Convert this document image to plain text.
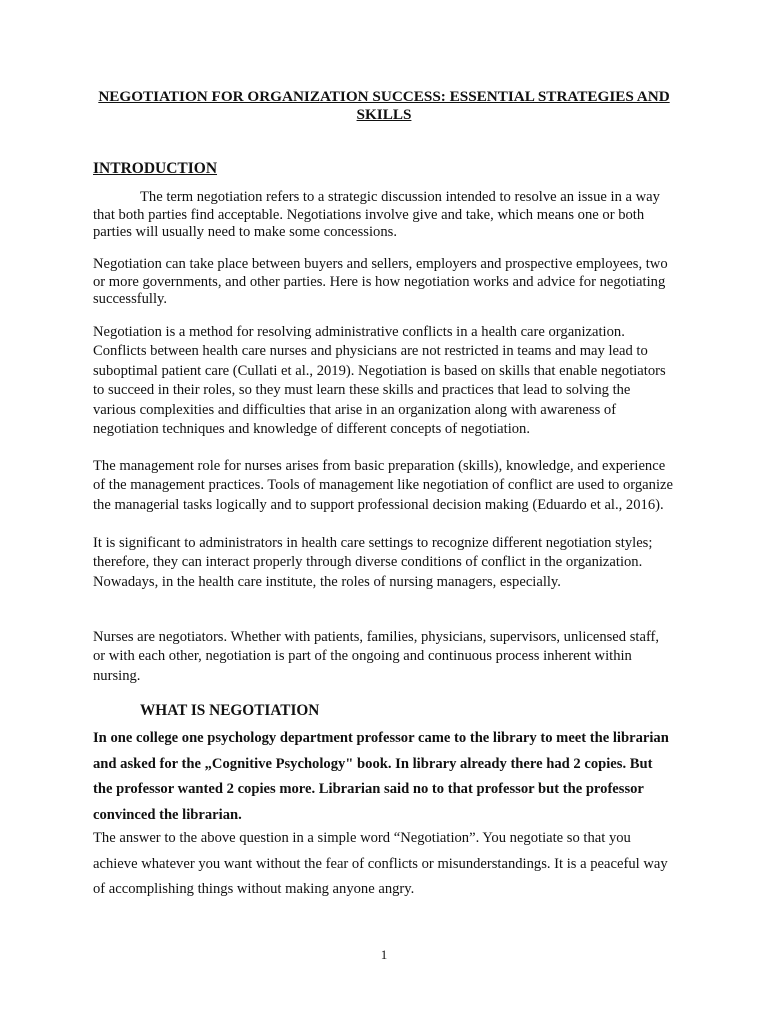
NEGOTIATION FOR ORGANIZATION SUCCESS: ESSENTIAL STRATEGIES AND SKILLS
INTRODUCTION
The term negotiation refers to a strategic discussion intended to resolve an issue in a way that both parties find acceptable. Negotiations involve give and take, which means one or both parties will usually need to make some concessions.
Negotiation can take place between buyers and sellers, employers and prospective employees, two or more governments, and other parties. Here is how negotiation works and advice for negotiating successfully.
Negotiation is a method for resolving administrative conflicts in a health care organization. Conflicts between health care nurses and physicians are not restricted in teams and may lead to suboptimal patient care (Cullati et al., 2019). Negotiation is based on skills that enable negotiators to succeed in their roles, so they must learn these skills and practices that lead to solving the various complexities and difficulties that arise in an organization along with awareness of negotiation techniques and knowledge of different concepts of negotiation.
The management role for nurses arises from basic preparation (skills), knowledge, and experience of the management practices. Tools of management like negotiation of conflict are used to organize the managerial tasks logically and to support professional decision making (Eduardo et al., 2016).
It is significant to administrators in health care settings to recognize different negotiation styles; therefore, they can interact properly through diverse conditions of conflict in the organization. Nowadays, in the health care institute, the roles of nursing managers, especially.
Nurses are negotiators. Whether with patients, families, physicians, supervisors, unlicensed staff, or with each other, negotiation is part of the ongoing and continuous process inherent within nursing.
WHAT IS NEGOTIATION
In one college one psychology department professor came to the library to meet the librarian and asked for the „Cognitive Psychology" book. In library already there had 2 copies. But the professor wanted 2 copies more. Librarian said no to that professor but the professor convinced the librarian.
The answer to the above question in a simple word “Negotiation”. You negotiate so that you achieve whatever you want without the fear of conflicts or misunderstandings. It is a peaceful way of accomplishing things without making anyone angry.
1
